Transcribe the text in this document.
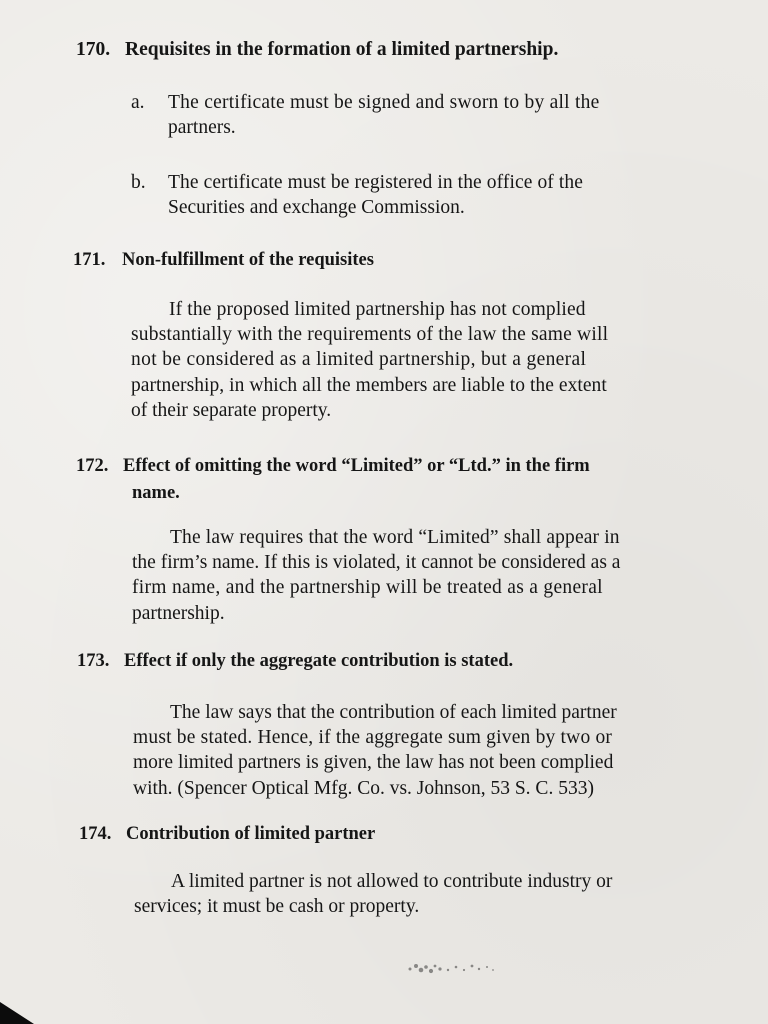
170. Requisites in the formation of a limited partnership.
a. The certificate must be signed and sworn to by all the
partners.
b. The certificate must be registered in the office of the
Securities and exchange Commission.
171. Non-fulfillment of the requisites
If the proposed limited partnership has not complied
substantially with the requirements of the law the same will
not be considered as a limited partnership, but a general
partnership, in which all the members are liable to the extent
of their separate property.
172. Effect of omitting the word “Limited” or “Ltd.” in the firm
name.
The law requires that the word “Limited” shall appear in
the firm’s name. If this is violated, it cannot be considered as a
firm name, and the partnership will be treated as a general
partnership.
173. Effect if only the aggregate contribution is stated.
The law says that the contribution of each limited partner
must be stated. Hence, if the aggregate sum given by two or
more limited partners is given, the law has not been complied
with. (Spencer Optical Mfg. Co. vs. Johnson, 53 S. C. 533)
174. Contribution of limited partner
A limited partner is not allowed to contribute industry or
services; it must be cash or property.
